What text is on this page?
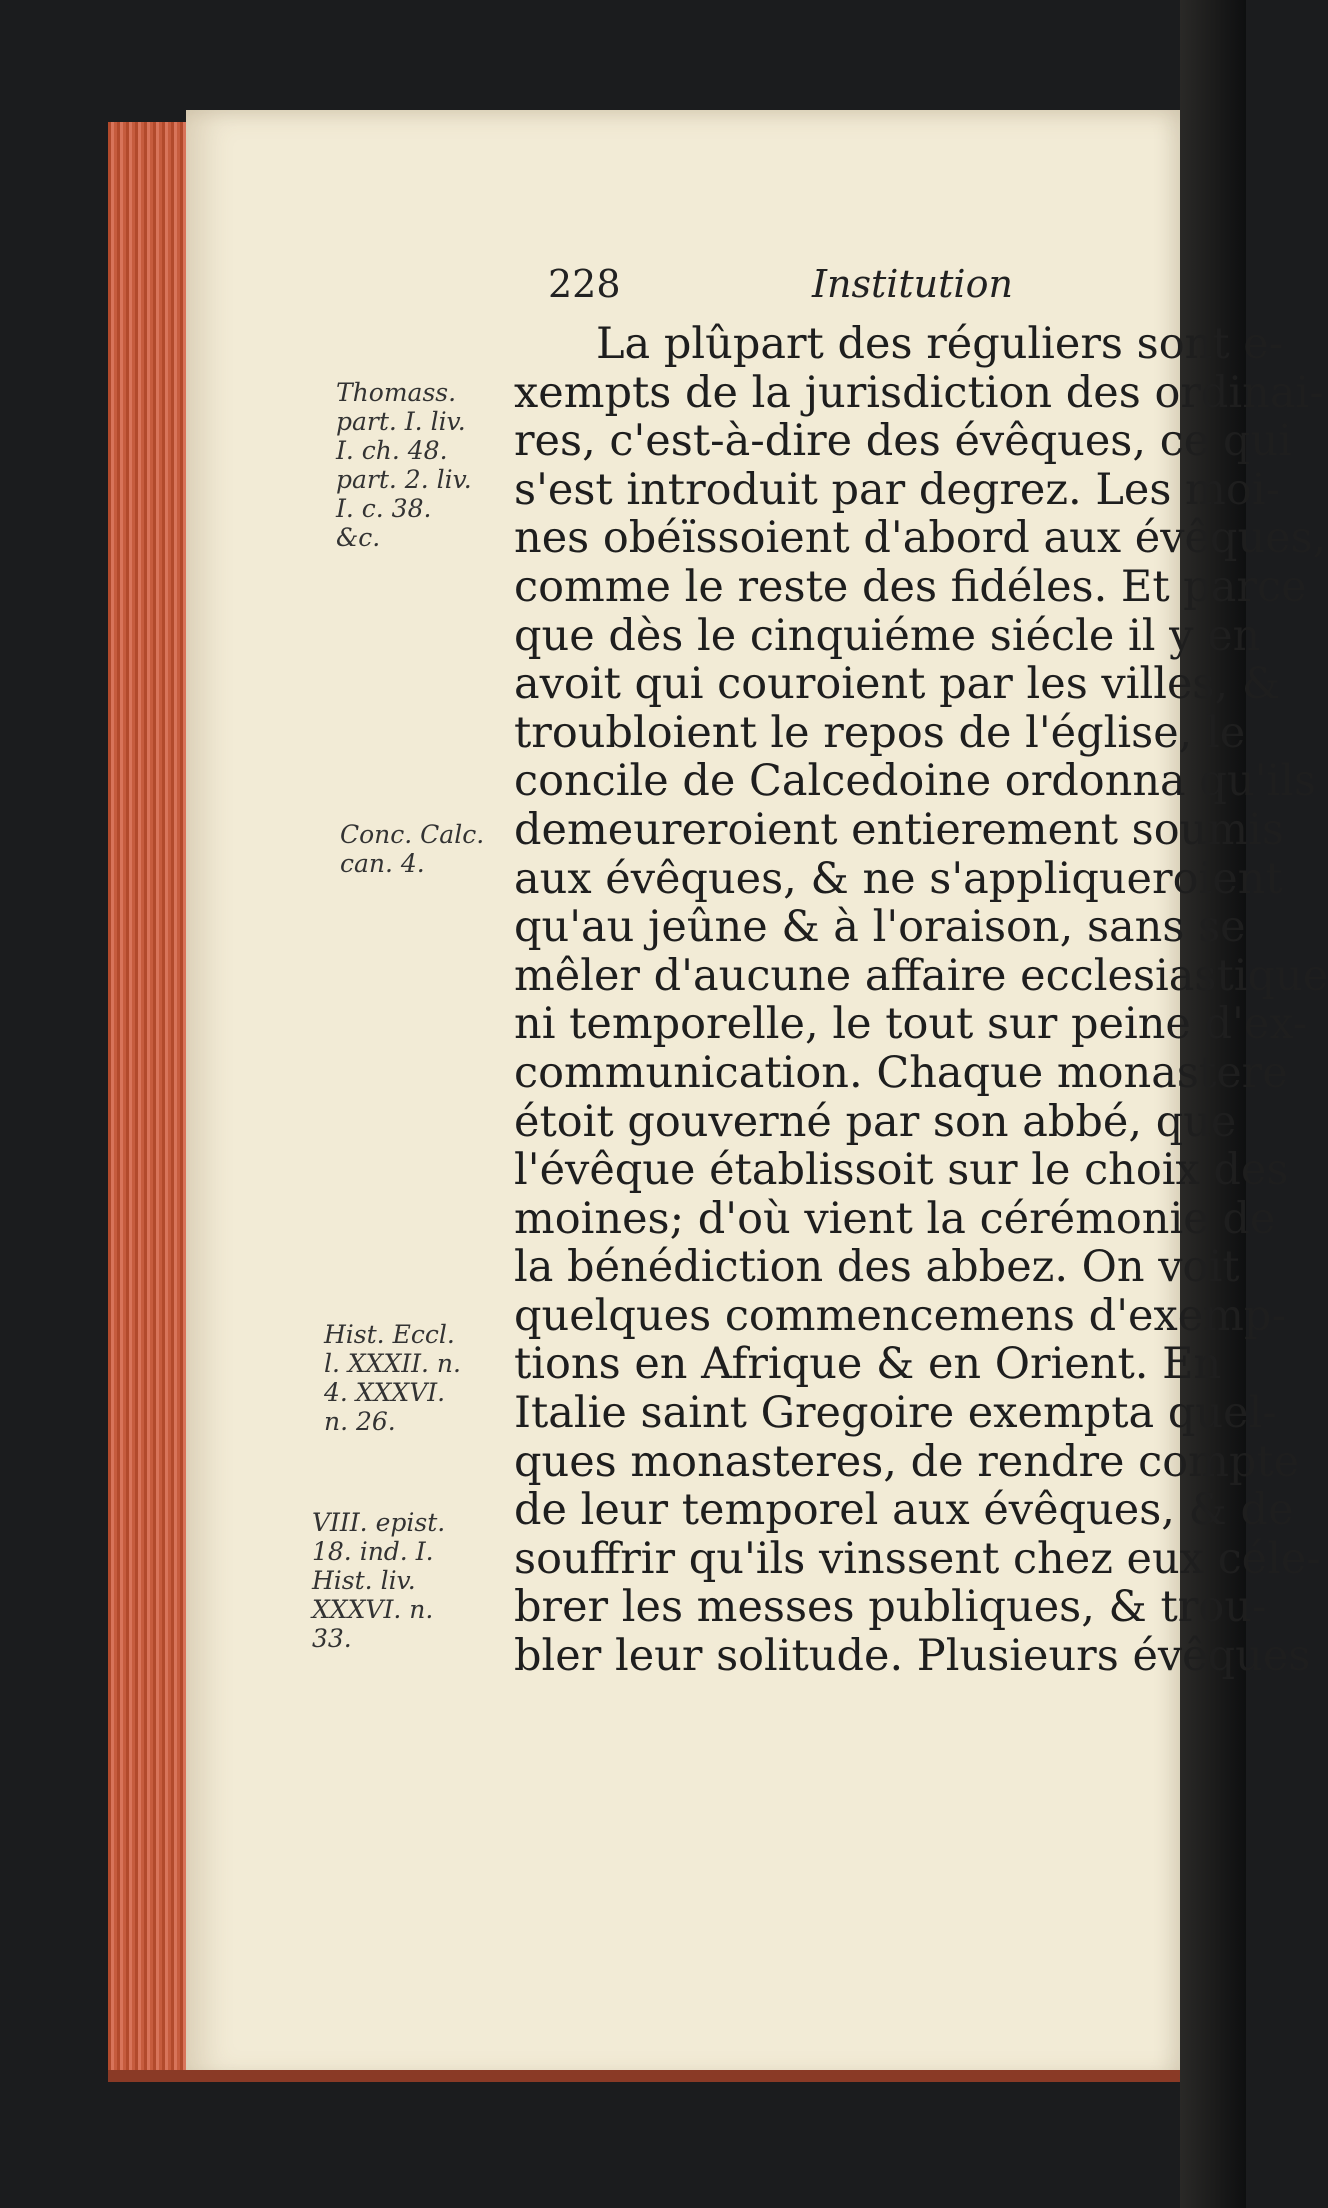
228	Institution
La plûpart des réguliers sont e-
xempts de la jurisdiction des ordinai-
res, c'est-à-dire des évêques, ce qui
s'est introduit par degrez. Les moi-
nes obéïssoient d'abord aux évêques,
comme le reste des fidéles. Et parce
que dès le cinquiéme siécle il y en
avoit qui couroient par les villes, &
troubloient le repos de l'église, le
concile de Calcedoine ordonna qu'ils
demeureroient entierement soumis
aux évêques, & ne s'appliqueroient
qu'au jeûne & à l'oraison, sans se
mêler d'aucune affaire ecclesiastique
ni temporelle, le tout sur peine d'ex-
communication. Chaque monastere
étoit gouverné par son abbé, que
l'évêque établissoit sur le choix des
moines; d'où vient la cérémonie de
la bénédiction des abbez. On voit
quelques commencemens d'exemp-
tions en Afrique & en Orient. En
Italie saint Gregoire exempta quel-
ques monasteres, de rendre compte
de leur temporel aux évêques, & de
souffrir qu'ils vinssent chez eux céle-
brer les messes publiques, & trou-
bler leur solitude. Plusieurs évêques
Thomass.
part. I. liv.
I. ch. 48.
part. 2. liv.
I. c. 38.
&c.
Conc. Calc.
can. 4.
Hist. Eccl.
l. XXXII. n.
4. XXXVI.
n. 26.
VIII. epist.
18. ind. I.
Hist. liv.
XXXVI. n.
33.
